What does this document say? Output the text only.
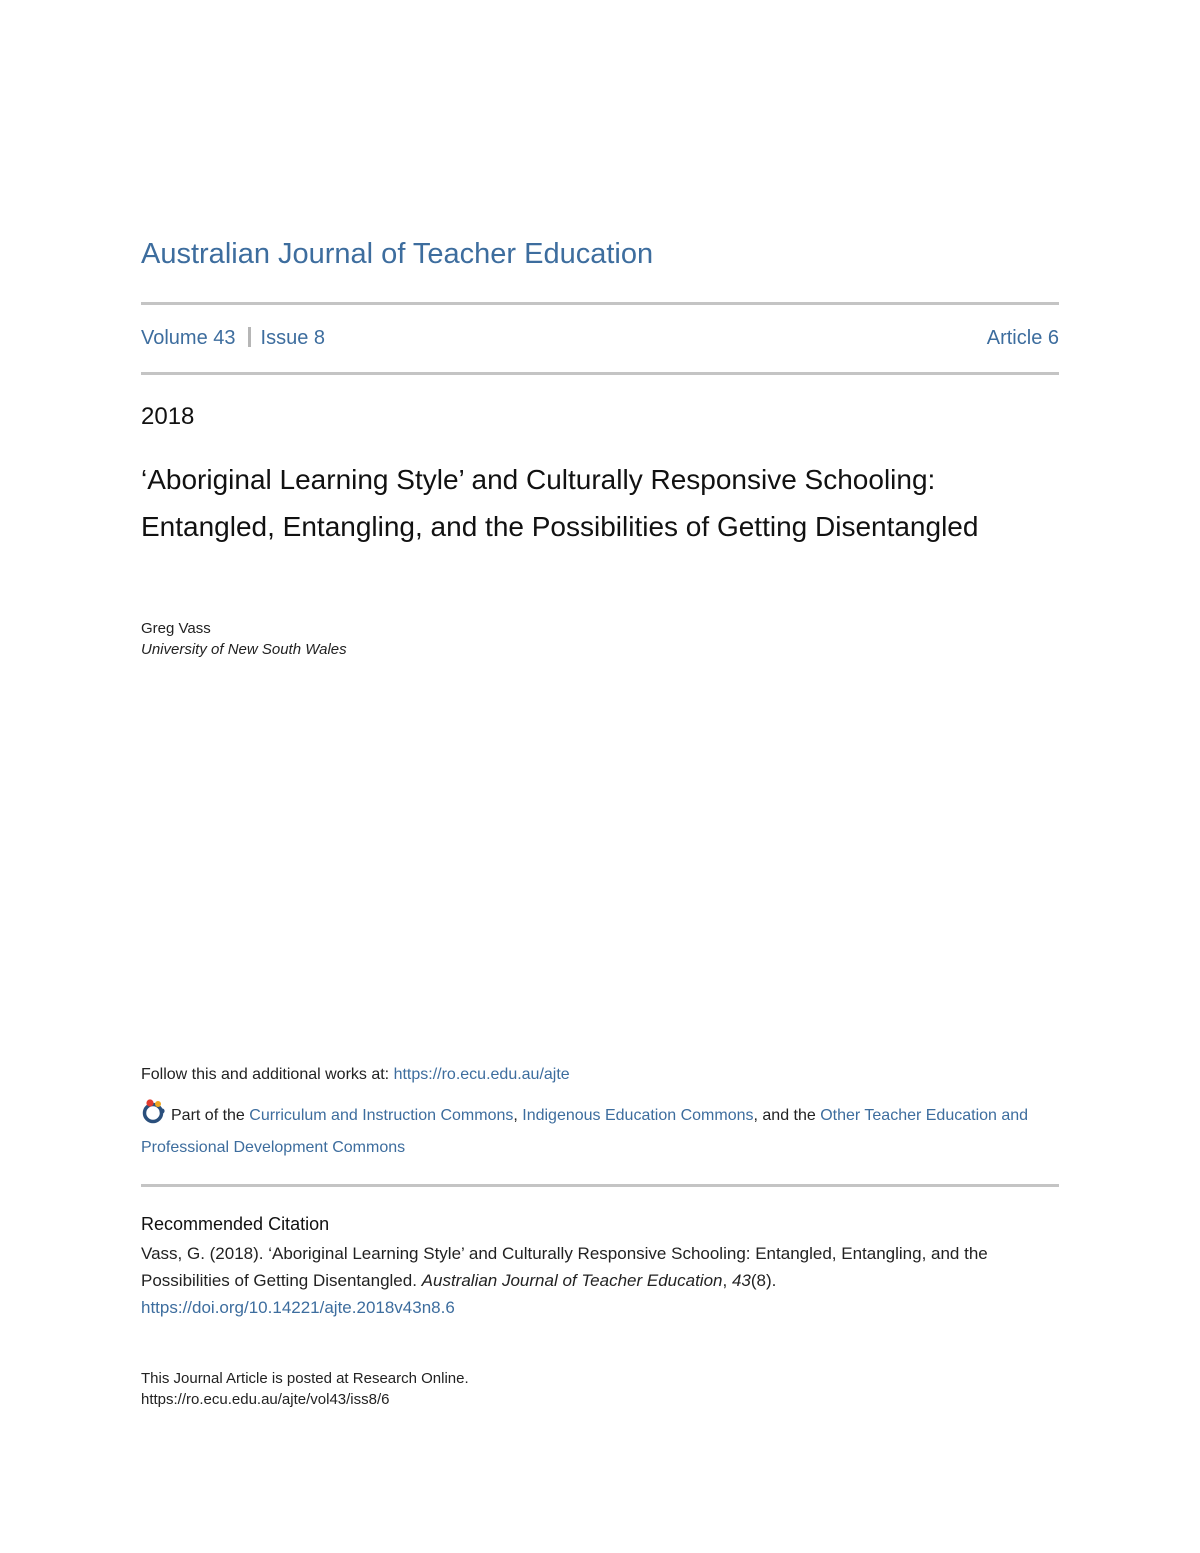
Australian Journal of Teacher Education
Volume 43 Issue 8	Article 6
2018
‘Aboriginal Learning Style’ and Culturally Responsive Schooling: Entangled, Entangling, and the Possibilities of Getting Disentangled
Greg Vass
University of New South Wales
Follow this and additional works at: https://ro.ecu.edu.au/ajte
Part of the Curriculum and Instruction Commons, Indigenous Education Commons, and the Other Teacher Education and Professional Development Commons
Recommended Citation
Vass, G. (2018). ‘Aboriginal Learning Style’ and Culturally Responsive Schooling: Entangled, Entangling, and the Possibilities of Getting Disentangled. Australian Journal of Teacher Education, 43(8).
https://doi.org/10.14221/ajte.2018v43n8.6
This Journal Article is posted at Research Online.
https://ro.ecu.edu.au/ajte/vol43/iss8/6
